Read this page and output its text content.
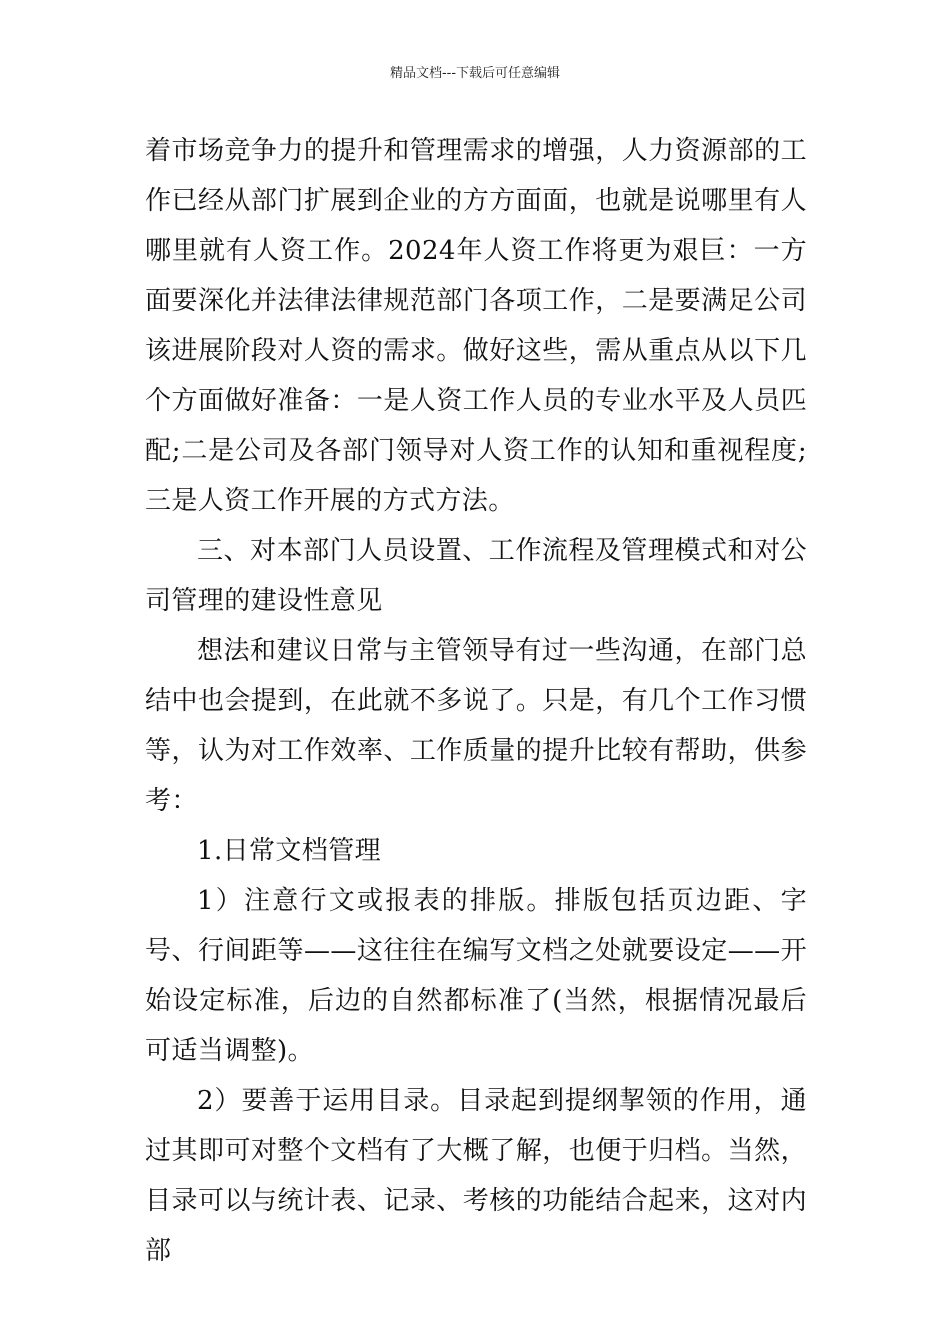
精品文档---下载后可任意编辑

着市场竞争力的提升和管理需求的增强，人力资源部的工作已经从部门扩展到企业的方方面面，也就是说哪里有人哪里就有人资工作。2024年人资工作将更为艰巨：一方面要深化并法律法律规范部门各项工作，二是要满足公司该进展阶段对人资的需求。做好这些，需从重点从以下几个方面做好准备：一是人资工作人员的专业水平及人员匹配;二是公司及各部门领导对人资工作的认知和重视程度;三是人资工作开展的方式方法。

三、对本部门人员设置、工作流程及管理模式和对公司管理的建设性意见

想法和建议日常与主管领导有过一些沟通，在部门总结中也会提到，在此就不多说了。只是，有几个工作习惯等，认为对工作效率、工作质量的提升比较有帮助，供参考：

1.日常文档管理

1）注意行文或报表的排版。排版包括页边距、字号、行间距等——这往往在编写文档之处就要设定——开始设定标准，后边的自然都标准了(当然，根据情况最后可适当调整)。

2）要善于运用目录。目录起到提纲挈领的作用，通过其即可对整个文档有了大概了解，也便于归档。当然，目录可以与统计表、记录、考核的功能结合起来，这对内部
